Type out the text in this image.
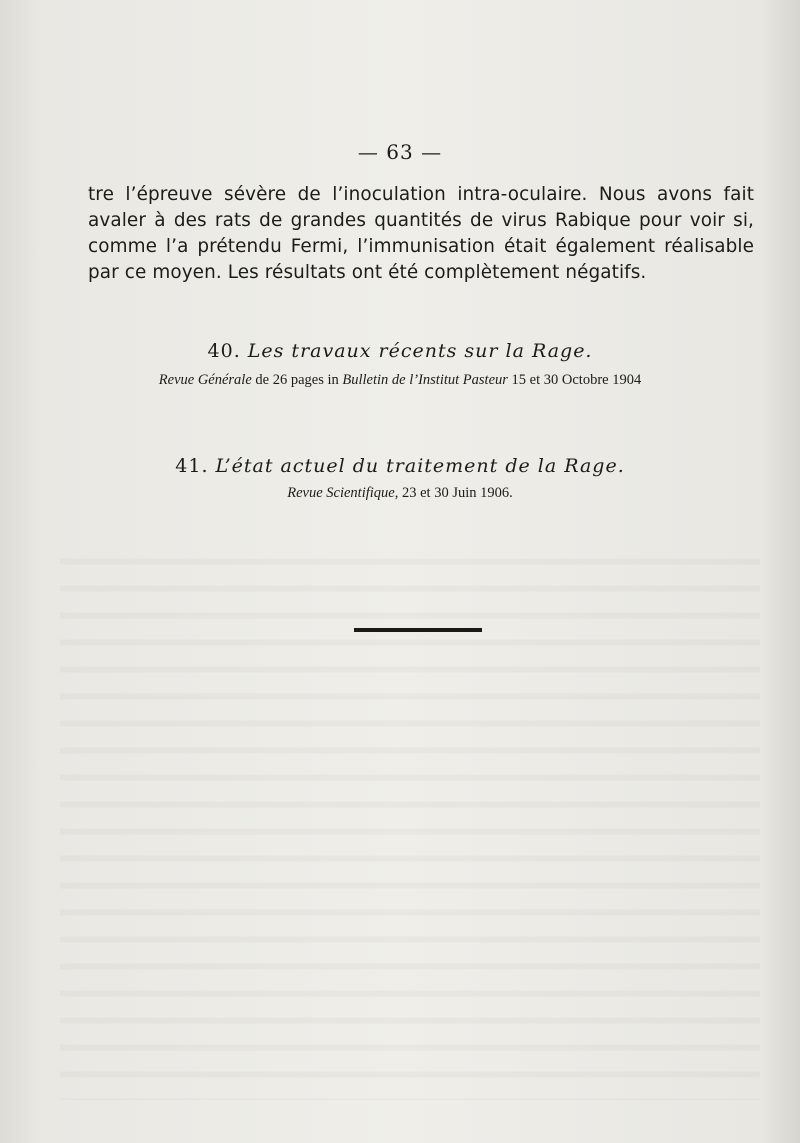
— 63 —
tre l’épreuve sévère de l’inoculation intra-oculaire. Nous avons fait
avaler à des rats de grandes quantités de virus Rabique pour voir si,
comme l’a prétendu Fermi, l’immunisation était également réalisable
par ce moyen. Les résultats ont été complètement négatifs.
40. Les travaux récents sur la Rage.
Revue Générale de 26 pages in Bulletin de l’Institut Pasteur 15 et 30 Octobre 1904
41. L’état actuel du traitement de la Rage.
Revue Scientifique, 23 et 30 Juin 1906.
